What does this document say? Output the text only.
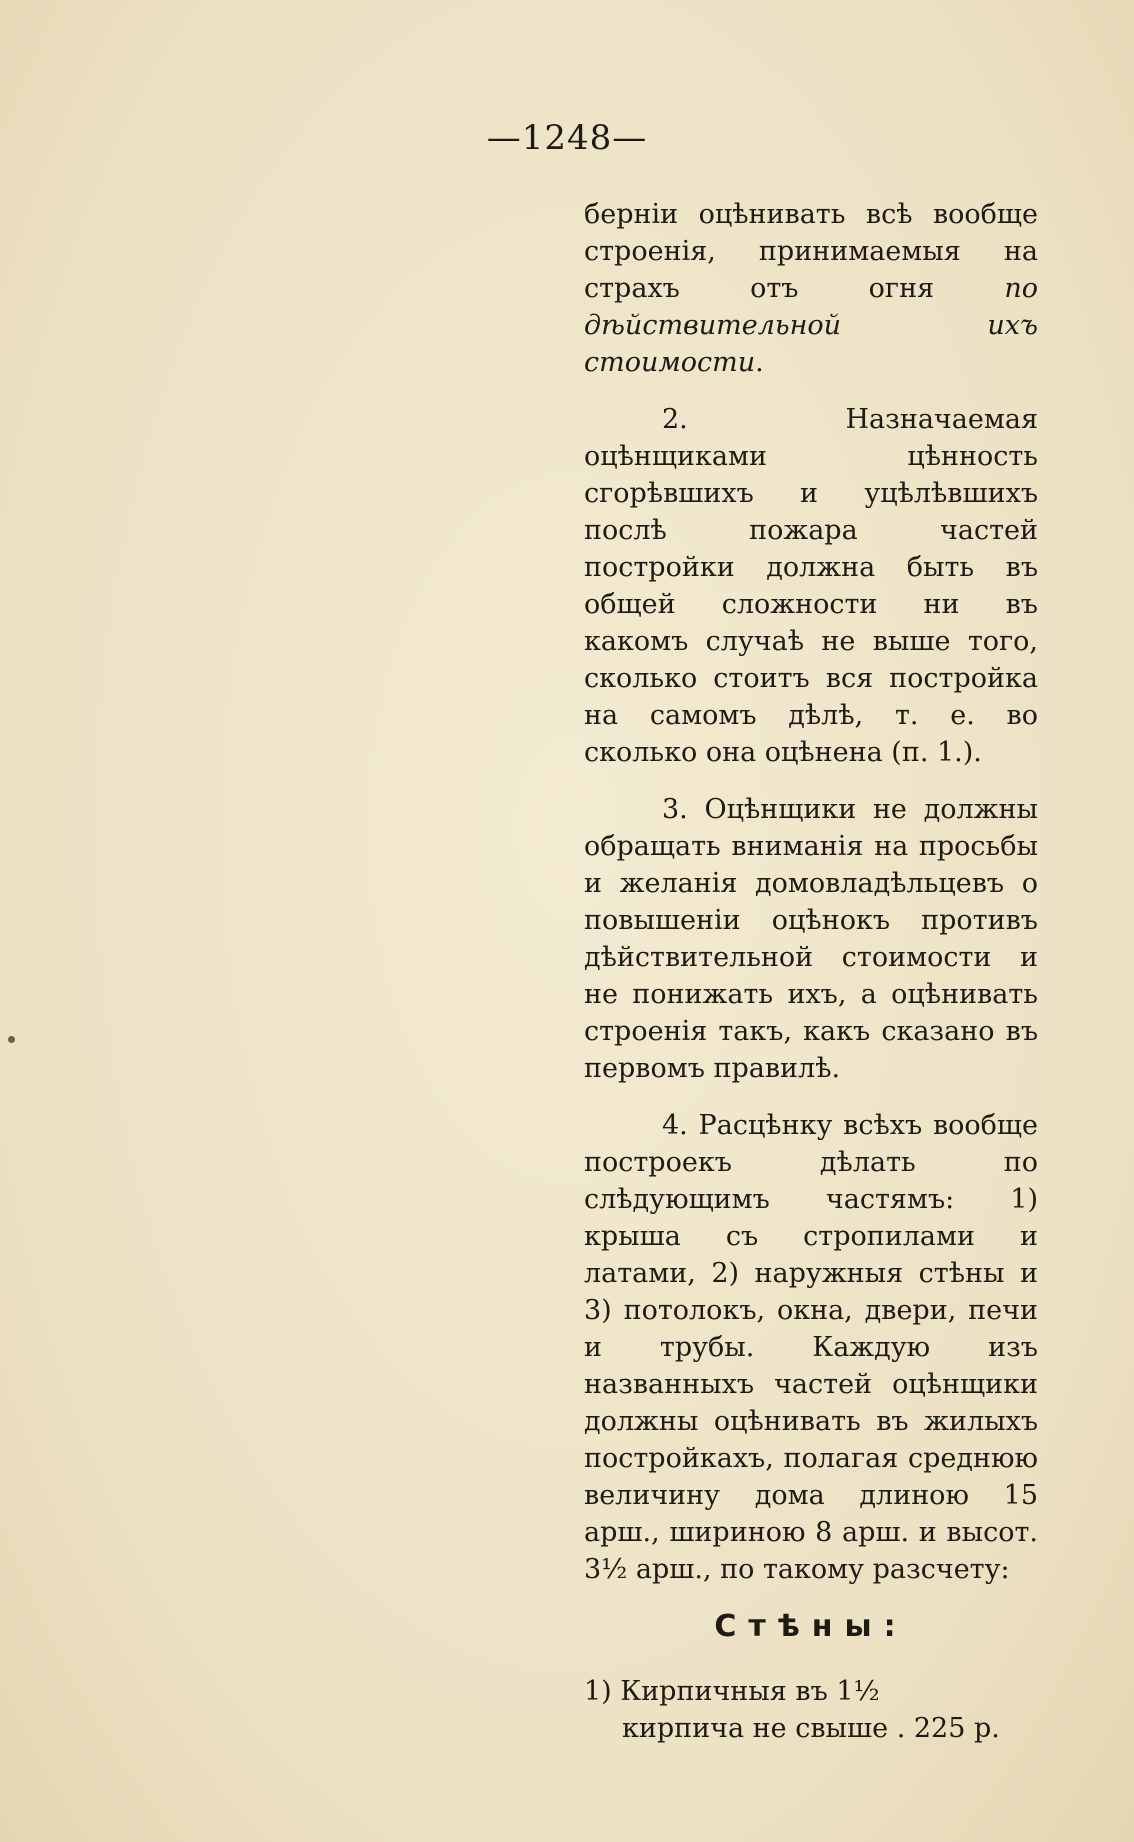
—1248—

берніи оцѣнивать всѣ вообще строенія, принимаемыя на страхъ отъ огня по дѣйствительной ихъ стоимости.

2. Назначаемая оцѣнщиками цѣнность сгорѣвшихъ и уцѣлѣвшихъ послѣ пожара частей постройки должна быть въ общей сложности ни въ какомъ случаѣ не выше того, сколько стоитъ вся постройка на самомъ дѣлѣ, т. е. во сколько она оцѣнена (п. 1.).

3. Оцѣнщики не должны обращать вниманія на просьбы и желанія домовладѣльцевъ о повышеніи оцѣнокъ противъ дѣйствительной стоимости и не понижать ихъ, а оцѣнивать строенія такъ, какъ сказано въ первомъ правилѣ.

4. Расцѣнку всѣхъ вообще построекъ дѣлать по слѣдующимъ частямъ: 1) крыша съ стропилами и латами, 2) наружныя стѣны и 3) потолокъ, окна, двери, печи и трубы. Каждую изъ названныхъ частей оцѣнщики должны оцѣнивать въ жилыхъ постройкахъ, полагая среднюю величину дома длиною 15 арш., шириною 8 арш. и высот. 3½ арш., по такому разсчету:

Стѣны:
1) Кирпичныя въ 1½
кирпича не свыше . 225 р.
